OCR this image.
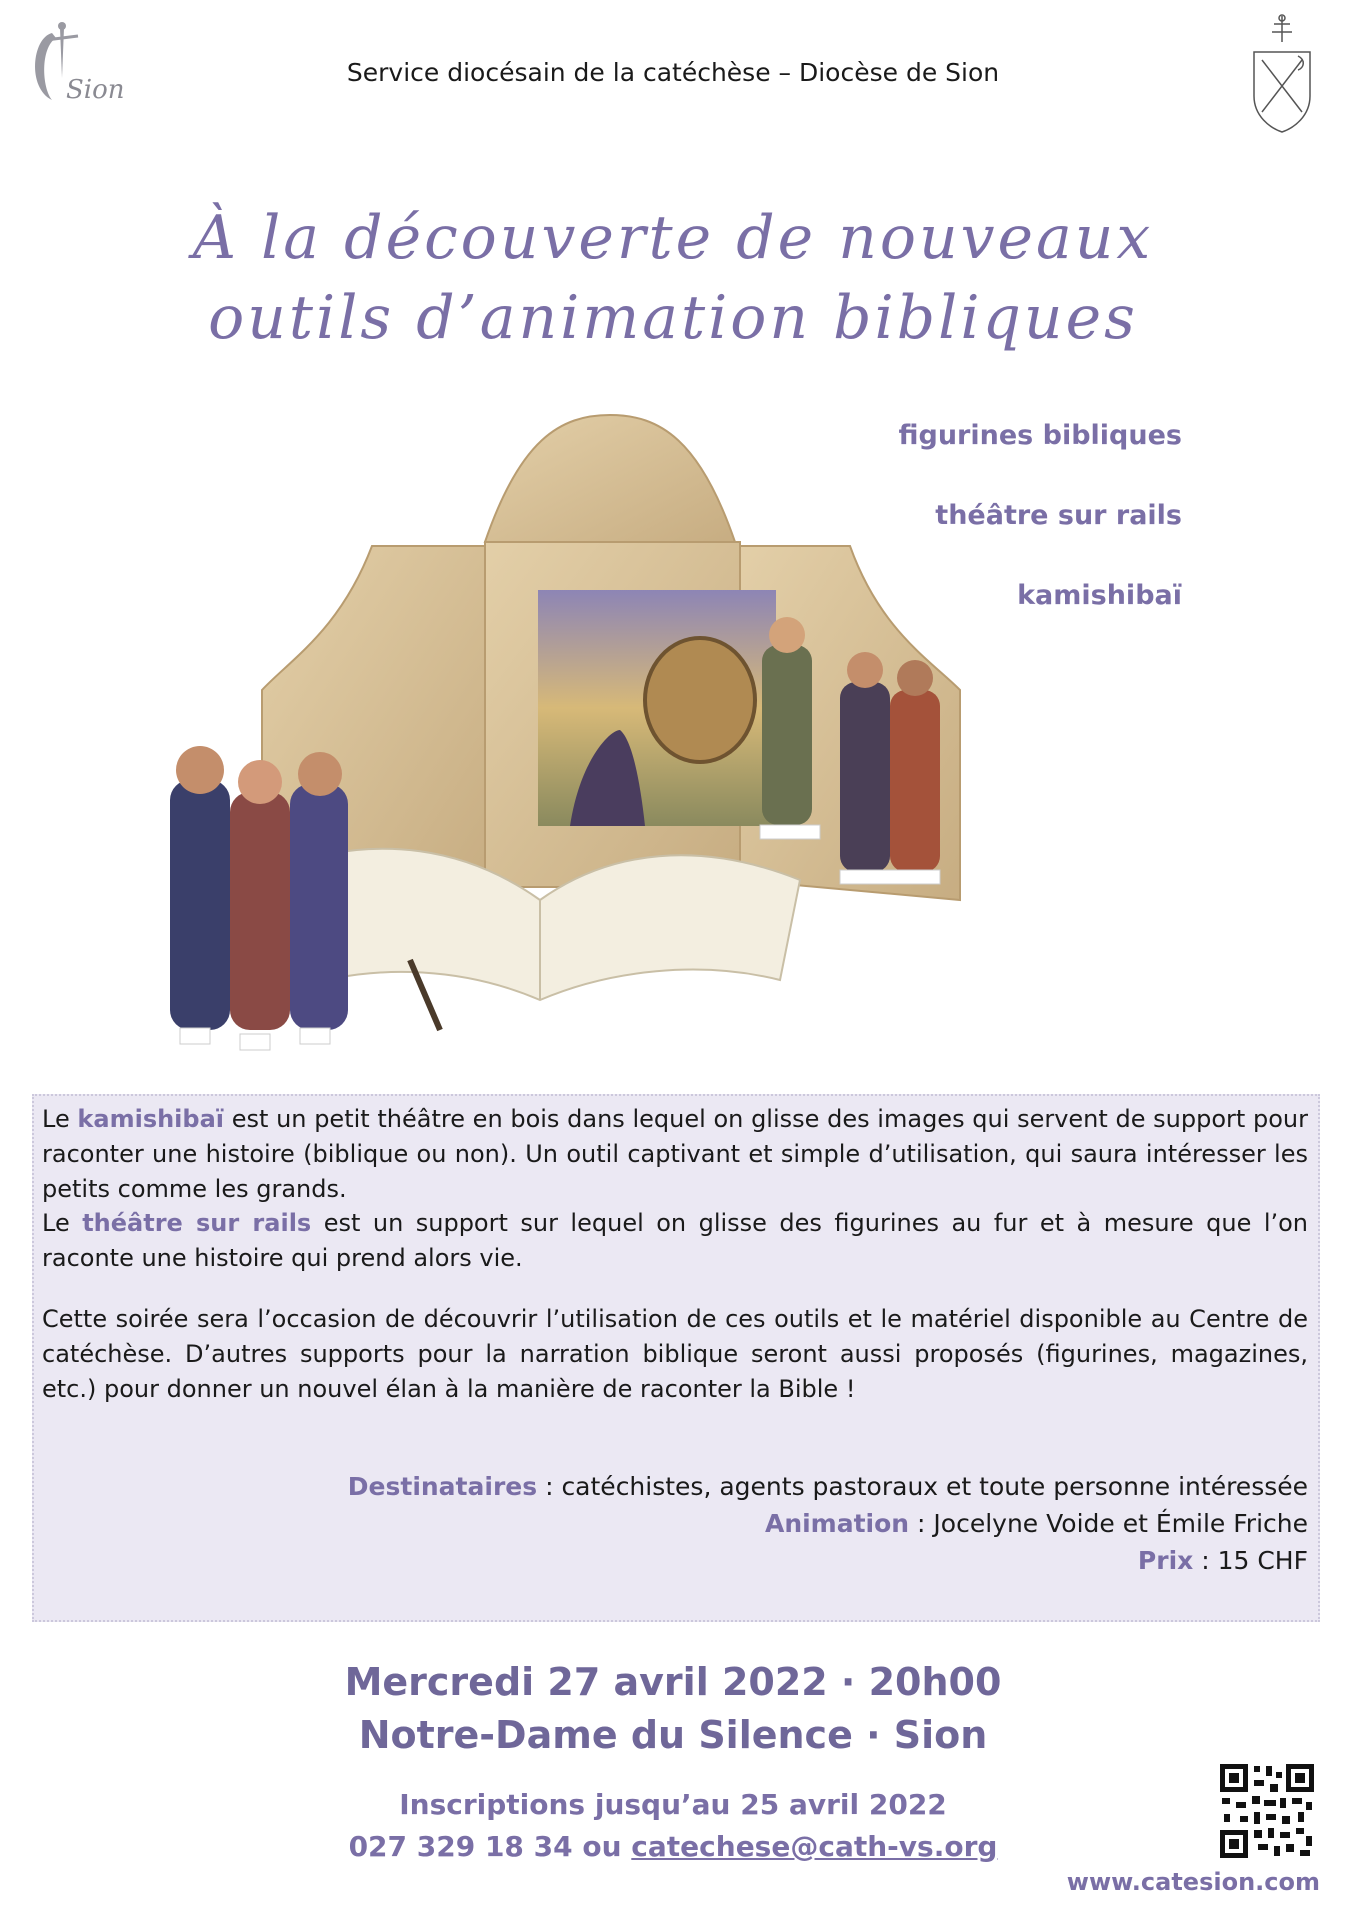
Sion
Service diocésain de la catéchèse – Diocèse de Sion
À la découverte de nouveaux
outils d’animation bibliques
figurines bibliques
théâtre sur rails
kamishibaï

Le kamishibaï est un petit théâtre en bois dans lequel on glisse des images qui servent de support pour raconter une histoire (biblique ou non). Un outil captivant et simple d’utilisation, qui saura intéresser les petits comme les grands.

Le théâtre sur rails est un support sur lequel on glisse des figurines au fur et à mesure que l’on raconte une histoire qui prend alors vie.

Cette soirée sera l’occasion de découvrir l’utilisation de ces outils et le matériel disponible au Centre de catéchèse. D’autres supports pour la narration biblique seront aussi proposés (figurines, magazines, etc.) pour donner un nouvel élan à la manière de raconter la Bible !

Destinataires : catéchistes, agents pastoraux et toute personne intéressée
Animation : Jocelyne Voide et Émile Friche
Prix : 15 CHF
Mercredi 27 avril 2022 · 20h00
Notre-Dame du Silence · Sion
Inscriptions jusqu’au 25 avril 2022
027 329 18 34 ou catechese@cath-vs.org
www.catesion.com
